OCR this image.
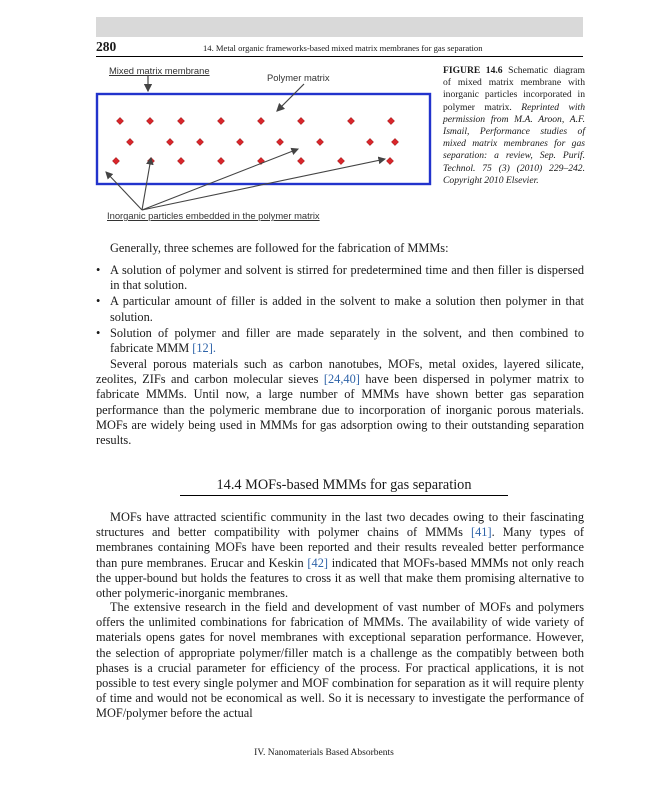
280	14. Metal organic frameworks-based mixed matrix membranes for gas separation
Mixed matrix membrane
Polymer matrix
Inorganic particles embedded in the polymer matrix
FIGURE 14.6 Schematic diagram of mixed matrix membrane with inorganic particles incorporated in polymer matrix. Reprinted with permission from M.A. Aroon, A.F. Ismail, Performance studies of mixed matrix membranes for gas separation: a review, Sep. Purif. Technol. 75 (3) (2010) 229–242. Copyright 2010 Elsevier.

Generally, three schemes are followed for the fabrication of MMMs:

• A solution of polymer and solvent is stirred for predetermined time and then filler is dispersed in that solution.
• A particular amount of filler is added in the solvent to make a solution then polymer in that solution.
• Solution of polymer and filler are made separately in the solvent, and then combined to fabricate MMM [12].

Several porous materials such as carbon nanotubes, MOFs, metal oxides, layered silicate, zeolites, ZIFs and carbon molecular sieves [24,40] have been dispersed in polymer matrix to fabricate MMMs. Until now, a large number of MMMs have shown better gas separation performance than the polymeric membrane due to incorporation of inorganic porous materials. MOFs are widely being used in MMMs for gas adsorption owing to their outstanding separation results.

14.4 MOFs-based MMMs for gas separation

MOFs have attracted scientific community in the last two decades owing to their fascinating structures and better compatibility with polymer chains of MMMs [41]. Many types of membranes containing MOFs have been reported and their results revealed better performance than pure membranes. Erucar and Keskin [42] indicated that MOFs-based MMMs not only reach the upper-bound but holds the features to cross it as well that make them promising alternative to other polymeric-inorganic membranes.

The extensive research in the field and development of vast number of MOFs and polymers offers the unlimited combinations for fabrication of MMMs. The availability of wide variety of materials opens gates for novel membranes with exceptional separation performance. However, the selection of appropriate polymer/filler match is a challenge as the compatibly between both phases is a crucial parameter for efficiency of the process. For practical applications, it is not possible to test every single polymer and MOF combination for separation as it will require plenty of time and would not be economical as well. So it is necessary to investigate the performance of MOF/polymer before the actual

IV. Nanomaterials Based Absorbents
